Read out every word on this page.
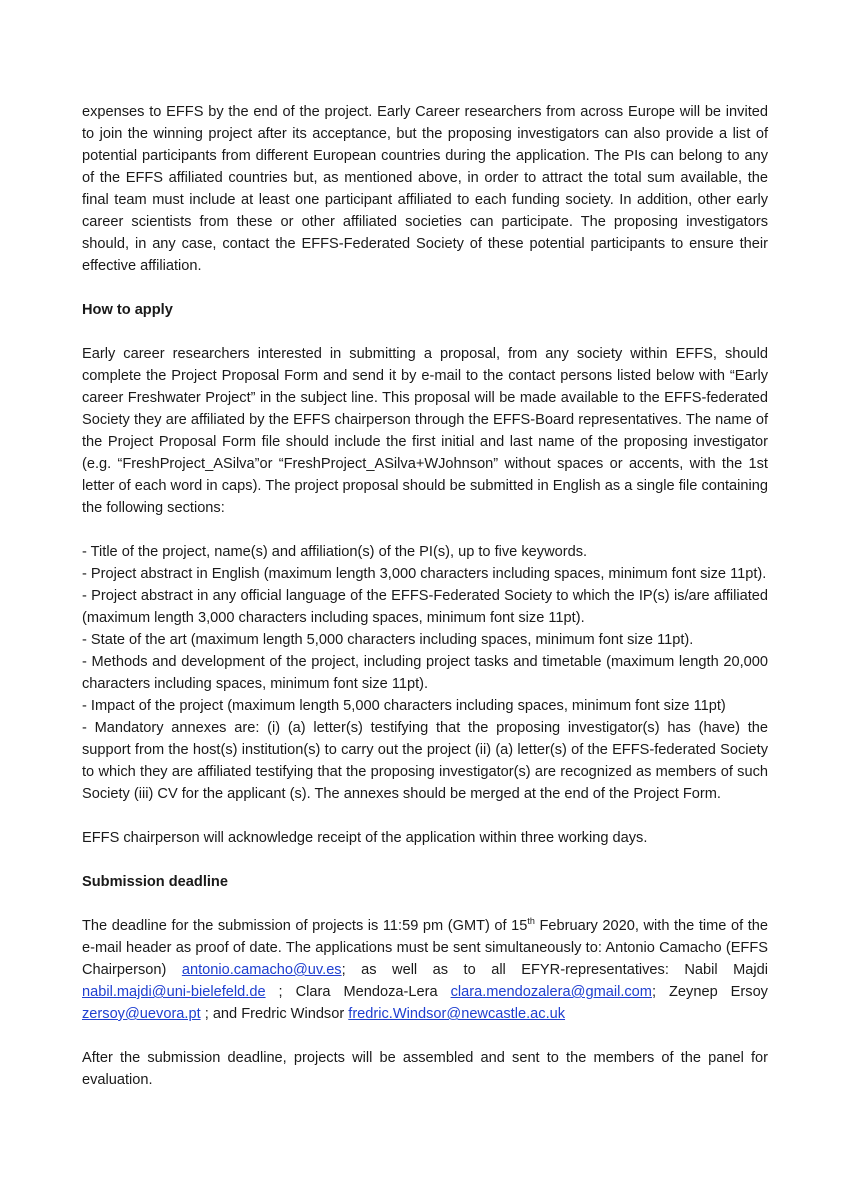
expenses to EFFS by the end of the project. Early Career researchers from across Europe will be invited to join the winning project after its acceptance, but the proposing investigators can also provide a list of potential participants from different European countries during the application. The PIs can belong to any of the EFFS affiliated countries but, as mentioned above, in order to attract the total sum available, the final team must include at least one participant affiliated to each funding society. In addition, other early career scientists from these or other affiliated societies can participate. The proposing investigators should, in any case, contact the EFFS-Federated Society of these potential participants to ensure their effective affiliation.

How to apply

Early career researchers interested in submitting a proposal, from any society within EFFS, should complete the Project Proposal Form and send it by e-mail to the contact persons listed below with “Early career Freshwater Project” in the subject line. This proposal will be made available to the EFFS-federated Society they are affiliated by the EFFS chairperson through the EFFS-Board representatives. The name of the Project Proposal Form file should include the first initial and last name of the proposing investigator (e.g. “FreshProject_ASilva”or “FreshProject_ASilva+WJohnson” without spaces or accents, with the 1st letter of each word in caps). The project proposal should be submitted in English as a single file containing the following sections:

- Title of the project, name(s) and affiliation(s) of the PI(s), up to five keywords.

- Project abstract in English (maximum length 3,000 characters including spaces, minimum font size 11pt).

- Project abstract in any official language of the EFFS-Federated Society to which the IP(s) is/are affiliated (maximum length 3,000 characters including spaces, minimum font size 11pt).

- State of the art (maximum length 5,000 characters including spaces, minimum font size 11pt).

- Methods and development of the project, including project tasks and timetable (maximum length 20,000 characters including spaces, minimum font size 11pt).

- Impact of the project (maximum length 5,000 characters including spaces, minimum font size 11pt)

- Mandatory annexes are: (i) (a) letter(s) testifying that the proposing investigator(s) has (have) the support from the host(s) institution(s) to carry out the project (ii) (a) letter(s) of the EFFS-federated Society to which they are affiliated testifying that the proposing investigator(s) are recognized as members of such Society (iii) CV for the applicant (s). The annexes should be merged at the end of the Project Form.

EFFS chairperson will acknowledge receipt of the application within three working days.

Submission deadline

The deadline for the submission of projects is 11:59 pm (GMT) of 15th February 2020, with the time of the e-mail header as proof of date. The applications must be sent simultaneously to: Antonio Camacho (EFFS Chairperson) antonio.camacho@uv.es; as well as to all EFYR-representatives: Nabil Majdi nabil.majdi@uni-bielefeld.de ; Clara Mendoza-Lera clara.mendozalera@gmail.com; Zeynep Ersoy zersoy@uevora.pt ; and Fredric Windsor fredric.Windsor@newcastle.ac.uk

After the submission deadline, projects will be assembled and sent to the members of the panel for evaluation.
